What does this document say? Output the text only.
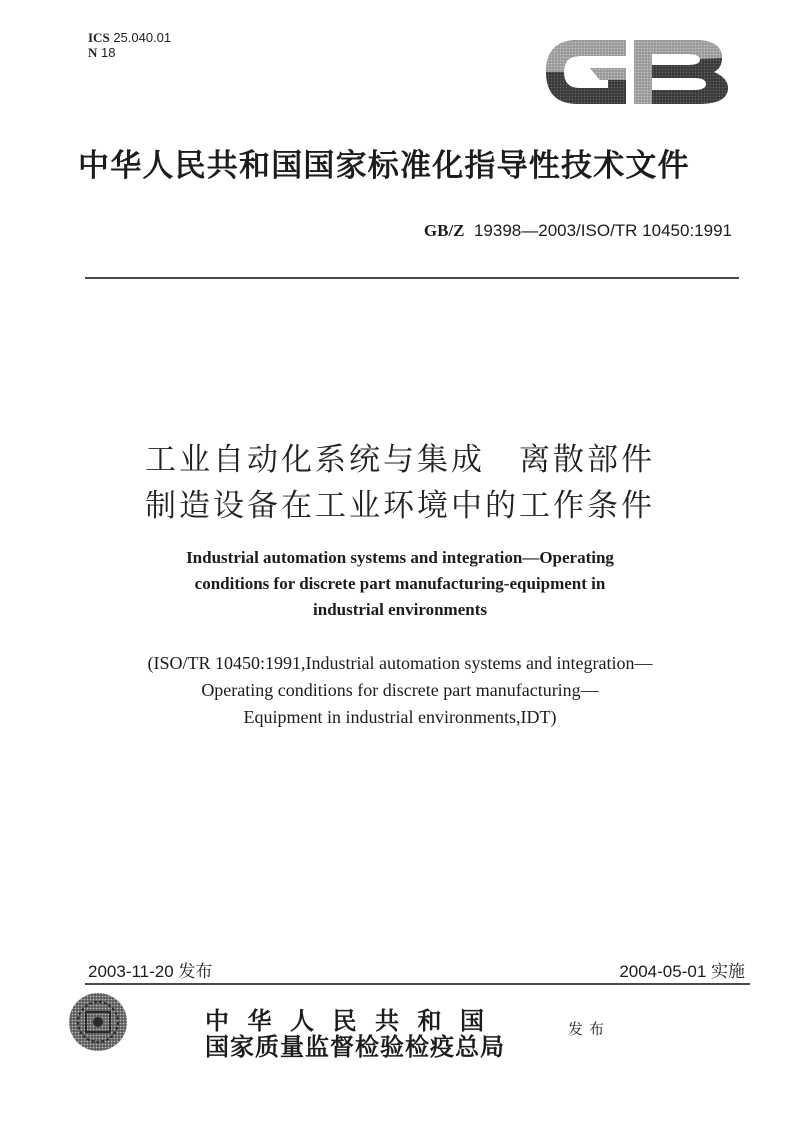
ICS 25.040.01
N 18
中华人民共和国国家标准化指导性技术文件
GB/Z 19398—2003/ISO/TR 10450:1991
工业自动化系统与集成　离散部件
制造设备在工业环境中的工作条件
Industrial automation systems and integration—Operating
conditions for discrete part manufacturing-equipment in
industrial environments
(ISO/TR 10450:1991,Industrial automation systems and integration—
Operating conditions for discrete part manufacturing—
Equipment in industrial environments,IDT)
2003-11-20 发布	2004-05-01 实施
中华人民共和国
国家质量监督检验检疫总局
发布
